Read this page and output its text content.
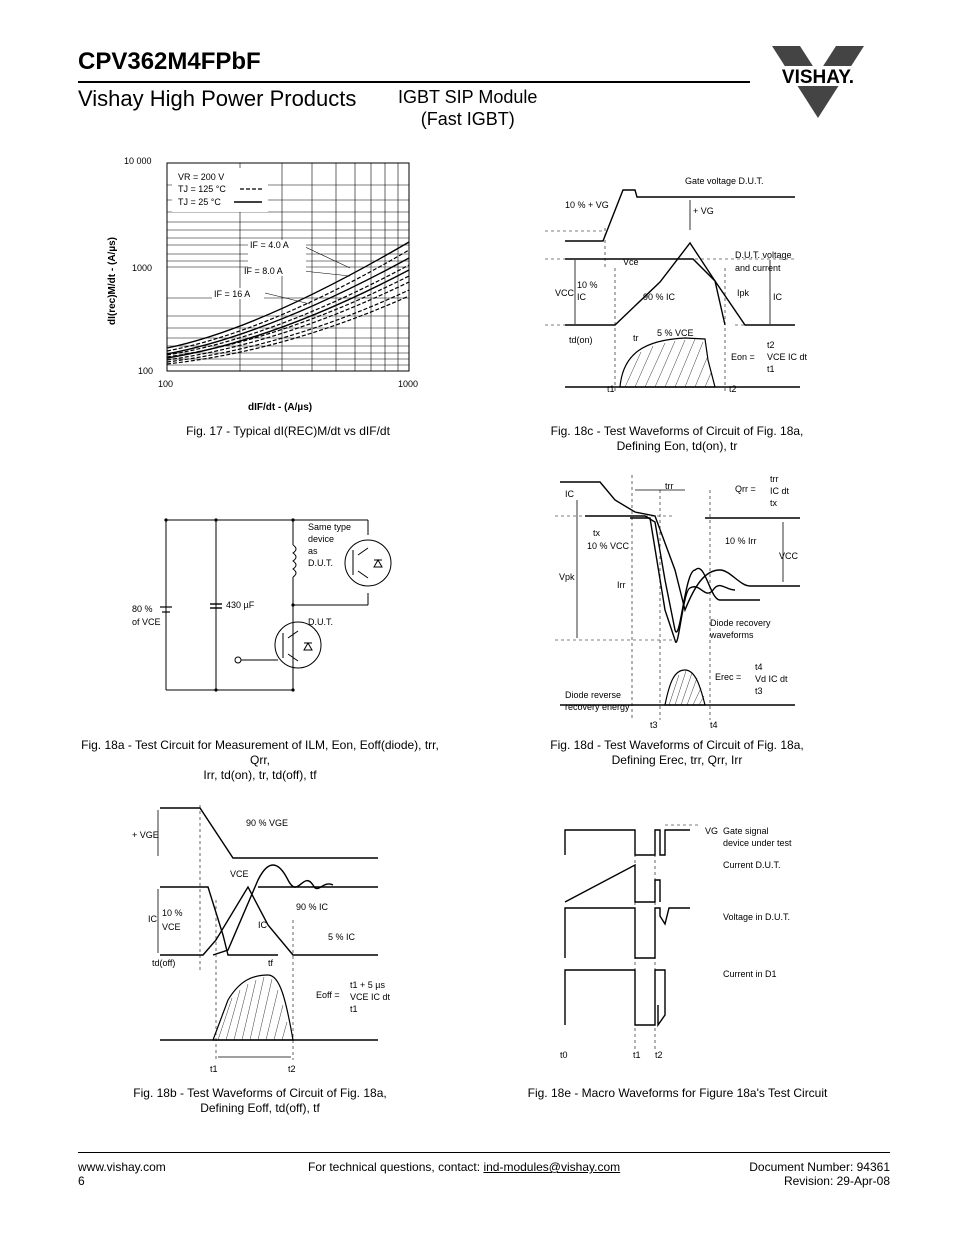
CPV362M4FPbF
Vishay High Power Products IGBT SIP Module
(Fast IGBT)
VISHAY.
10 000
1000
100
100	1000
VR = 200 V
TJ = 125 °C
TJ = 25 °C
IF = 4.0 A
IF = 8.0 A
IF = 16 A
dI(rec)M/dt - (A/µs)
dIF/dt - (A/µs)
Fig. 17 - Typical dI(REC)M/dt vs dIF/dt
Gate voltage D.U.T.
10 % + VG
+ VG
D.U.T. voltage
and current
Vce
VCC
10 %
IC	90 % IC	Ipk	IC
5 % VCE
td(on)	tr
Eon =
t2
VCE IC dt
t1
t1	t2
Fig. 18c - Test Waveforms of Circuit of Fig. 18a,
Defining Eon, td(on), tr
Same type
device
as
D.U.T.
80 %
of VCE
430 µF
D.U.T.
Fig. 18a - Test Circuit for Measurement of ILM, Eon, Eoff(diode), trr, Qrr,
Irr, td(on), tr, td(off), tf
IC
trr	Qrr =
trr
IC dt
tx
tx
10 % VCC	10 % Irr
VCC
Vpk
Irr
Diode recovery
waveforms
Erec =
t4
Vd IC dt
t3
Diode reverse
recovery energy
t3	t4
Fig. 18d - Test Waveforms of Circuit of Fig. 18a,
Defining Erec, trr, Qrr, Irr
90 % VGE
+ VGE
VCE
90 % IC
IC
10 %
VCE	IC
5 % IC
td(off)	tf
Eoff =
t1 + 5 µs
VCE IC dt
t1
t1	t2
Fig. 18b - Test Waveforms of Circuit of Fig. 18a,
Defining Eoff, td(off), tf
VG Gate signal
device under test
Current D.U.T.
Voltage in D.U.T.
Current in D1
t0	t1 t2
Fig. 18e - Macro Waveforms for Figure 18a's Test Circuit
www.vishay.com
6
For technical questions, contact: ind-modules@vishay.com	Document Number: 94361
Revision: 29-Apr-08
